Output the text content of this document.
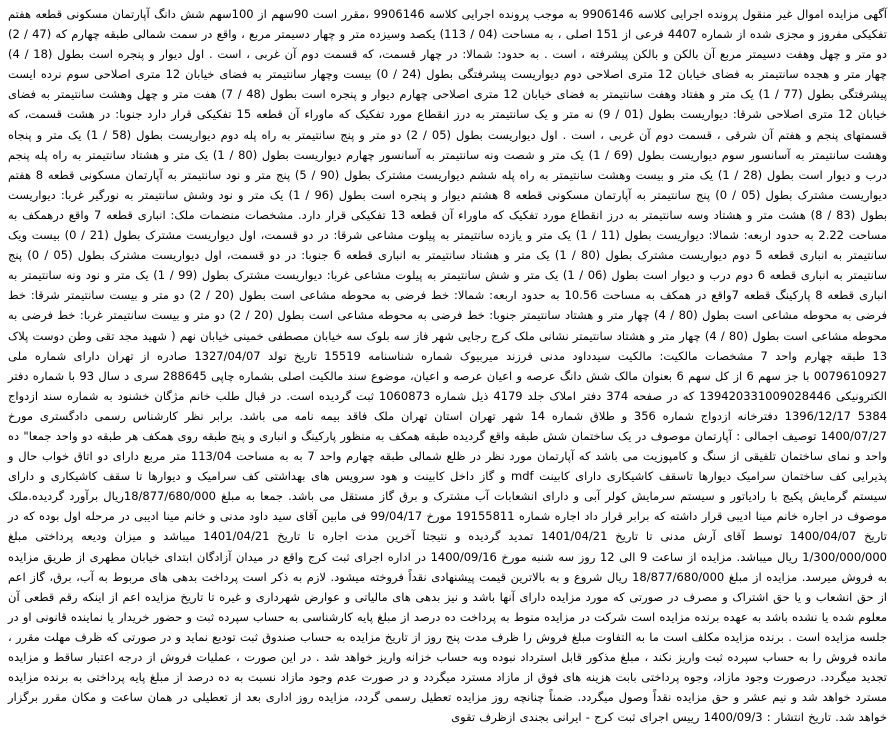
آگهی مزایده اموال غیر منقول پرونده اجرایی کلاسه 9906146 به موجب پرونده اجرایی کلاسه 9906146 ،مقرر است 90سهم از 100سهم شش دانگ آپارتمان مسکونی قطعه هفتم تفکیکی مفروز و مجزی شده از شماره 4407 فرعی از 151 اصلی ، به مساحت (04 / 113) یکصد وسیزده متر و چهار دسیمتر مربع ، واقع در سمت شمالی طبقه چهارم که (47 / 2) دو متر و چهل وهفت دسیمتر مربع آن بالکن و بالکن پیشرفته ، است . به حدود: شمالا: در چهار قسمت، که قسمت دوم آن غربی ، است . اول دیوار و پنجره است بطول (18 / 4) چهار متر و هجده سانتیمتر به فضای خیابان 12 متری اصلاحی دوم دیواریست پیشرفتگی بطول (24 / 0) بیست وچهار سانتیمتر به فضای خیابان 12 متری اصلاحی سوم نرده ایست پیشرفتگی بطول (77 / 1) یک متر و هفتاد وهفت سانتیمتر به فضای خیابان 12 متری اصلاحی چهارم دیوار و پنجره است بطول (48 / 7) هفت متر و چهل وهشت سانتیمتر به فضای خیابان 12 متری اصلاحی شرقا: دیواریست بطول (01 / 9) نه متر و یک سانتیمتر به درز انقطاع مورد تفکیک که ماوراء آن قطعه 15 تفکیکی قرار دارد جنوبا: در هشت قسمت، که قسمتهای پنجم و هفتم آن شرقی ، قسمت دوم آن غربی ، است . اول دیواریست بطول (05 / 2) دو متر و پنج سانتیمتر به راه پله دوم دیواریست بطول (58 / 1) یک متر و پنجاه وهشت سانتیمتر به آسانسور سوم دیواریست بطول (69 / 1) یک متر و شصت ونه سانتیمتر به آسانسور چهارم دیواریست بطول (80 / 1) یک متر و هشتاد سانتیمتر به راه پله پنجم درب و دیوار است بطول (28 / 1) یک متر و بیست وهشت سانتیمتر به راه پله ششم دیواریست مشترک بطول (90 / 5) پنج متر و نود سانتیمتر به آپارتمان مسکونی قطعه 8 هفتم دیواریست مشترک بطول (05 / 0) پنج سانتیمتر به آپارتمان مسکونی قطعه 8 هشتم دیوار و پنجره است بطول (96 / 1) یک متر و نود وشش سانتیمتر به نورگیر غربا: دیواریست بطول (83 / 8) هشت متر و هشتاد وسه سانتیمتر به درز انقطاع مورد تفکیک که ماوراء آن قطعه 13 تفکیکی قرار دارد. مشخصات منضمات ملک: انباری قطعه 7 واقع درهمکف به مساحت 2.22 به حدود اربعه: شمالا: دیواریست بطول (11 / 1) یک متر و یازده سانتیمتر به پیلوت مشاعی شرقا: در دو قسمت، اول دیواریست مشترک بطول (21 / 0) بیست ویک سانتیمتر به انباری قطعه 5 دوم دیواریست مشترک بطول (80 / 1) یک متر و هشتاد سانتیمتر به انباری قطعه 6 جنوبا: در دو قسمت، اول دیواریست مشترک بطول (05 / 0) پنج سانتیمتر به انباری قطعه 6 دوم درب و دیوار است بطول (06 / 1) یک متر و شش سانتیمتر به پیلوت مشاعی غربا: دیواریست مشترک بطول (99 / 1) یک متر و نود ونه سانتیمتر به انباری قطعه 8 پارکینگ قطعه 7واقع در همکف به مساحت 10.56 به حدود اربعه: شمالا: خط فرضی به محوطه مشاعی است بطول (20 / 2) دو متر و بیست سانتیمتر شرقا: خط فرضی به محوطه مشاعی است بطول (80 / 4) چهار متر و هشتاد سانتیمتر جنوبا: خط فرضی به محوطه مشاعی است بطول (20 / 2) دو متر و بیست سانتیمتر غربا: خط فرضی به محوطه مشاعی است بطول (80 / 4) چهار متر و هشتاد سانتیمتر نشانی ملک کرج رجایی شهر فاز سه بلوک سه خیابان مصطفی خمینی خیابان نهم ( شهید مجد تقی وطن دوست پلاک 13 طبقه چهارم واحد 7 مشخصات مالکیت: مالکیت سیدداود مدنی فرزند میربیوک شماره شناسنامه 15519 تاریخ تولد 1327/04/07 صادره از تهران دارای شماره ملی 0079610927 با جز سهم 6 از کل سهم 6 بعنوان مالک شش دانگ عرصه و اعیان عرصه و اعیان، موضوع سند مالکیت اصلی بشماره چاپی 288645 سری د سال 93 با شماره دفتر الکترونیکی 139420331009028446 که در صفحه 374 دفتر املاک جلد 4179 ذیل شماره 1060873 ثبت گردیده است. در قبال طلب خانم مژگان خشنود به شماره سند ازدواج 5384 1396/12/17 دفترخانه ازدواج شماره 356 و طلاق شماره 14 شهر تهران استان تهران ملک فاقد بیمه نامه می باشد. برابر نظر کارشناس رسمی دادگستری مورخ 1400/07/27 توصیف اجمالی : آپارتمان موصوف در یک ساختمان شش طبقه واقع گردیده طبقه همکف به منظور پارکینگ و انباری و پنج طبقه روی همکف هر طبقه دو واحد جمعا" ده واحد و نمای ساختمان تلفیقی از سنگ و کامپوزیت می باشد که آپارتمان مورد نظر در ظلع شمالی طبقه چهارم واحد 7 به به مساحت 113/04 متر مربع دارای دو اتاق خواب حال و پذیرایی کف ساختمان سرامیک دیوارها تاسقف کاشیکاری دارای کابینت mdf و گاز داخل کابینت و هود سرویس های بهداشتی کف سرامیک و دیوارها تا سقف کاشیکاری و دارای سیستم گرمایش پکیج با رادیاتور و سیستم سرمایش کولر آبی و دارای انشعابات آب مشترک و برق گاز مستقل می باشد. جمعا به مبلغ 18/877/680/000ریال برآورد گردیده.ملک موصوف در اجاره خانم مینا ادیبی قرار داشته که برابر قرار داد اجاره شماره 19155811 مورخ 99/04/17 فی مابین آقای سید داود مدنی و خانم مینا ادیبی در مرحله اول بوده که در تاریخ 1400/04/07 توسط آقای آرش مدنی تا تاریخ 1401/04/21 تمدید گردیده و نتیجتا آخرین مدت اجاره تا تاریخ 1401/04/21 میباشد و میزان ودیعه پرداختی مبلغ 1/300/000/000 ریال میباشد. مزایده از ساعت 9 الی 12 روز سه شنبه مورخ 1400/09/16 در اداره اجرای ثبت کرج واقع در میدان آزادگان ابتدای خیابان مطهری از طریق مزایده به فروش میرسد. مزایده از مبلغ 18/877/680/000 ریال شروع و به بالاترین قیمت پیشنهادی نقداً فروخته میشود. لازم به ذکر است پرداخت بدهی های مربوط به آب، برق، گاز اعم از حق انشعاب و یا حق اشتراک و مصرف در صورتی که مورد مزایده دارای آنها باشد و نیز بدهی های مالیاتی و عوارض شهرداری و غیره تا تاریخ مزایده اعم از اینکه رقم قطعی آن معلوم شده یا نشده باشد به عهده برنده مزایده است شرکت در مزایده منوط به پرداخت ده درصد از مبلغ پایه کارشناسی به حساب سپرده ثبت و حضور خریدار یا نماینده قانونی او در جلسه مزایده است . برنده مزایده مکلف است ما به التفاوت مبلغ فروش را ظرف مدت پنج روز از تاریخ مزایده به حساب صندوق ثبت تودیع نماید و در صورتی که ظرف مهلت مقرر ، مانده فروش را به حساب سپرده ثبت واریز نکند ، مبلغ مذکور قابل استرداد نبوده وبه حساب خزانه واریز خواهد شد . در این صورت ، عملیات فروش از درجه اعتبار ساقط و مزایده تجدید میگردد. درصورت وجود مازاد، وجوه پرداختی بابت هزینه های فوق از مازاد مسترد میگردد و در صورت عدم وجود مازاد نسبت به ده درصد از مبلغ پایه پرداختی به برنده مزایده مسترد خواهد شد و نیم عشر و حق مزایده نقداً وصول میگردد. ضمناً چنانچه روز مزایده تعطیل رسمی گردد، مزایده روز اداری بعد از تعطیلی در همان ساعت و مکان مقرر برگزار خواهد شد. تاریخ انتشار : 1400/09/3 رییس اجرای ثبت کرج - ایرانی بجندی ازظرف تقوی
